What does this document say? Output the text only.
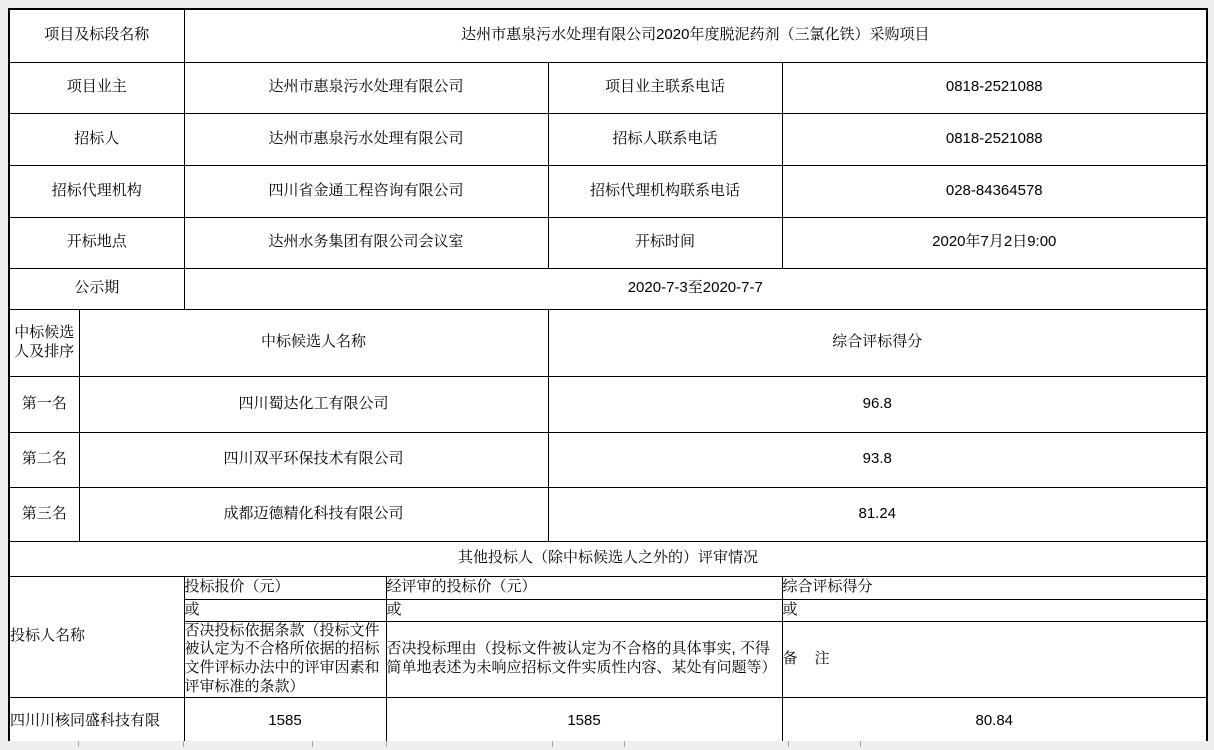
项目及标段名称		达州市惠泉污水处理有限公司2020年度脱泥药剂（三氯化铁）采购项目			
项目业主		达州市惠泉污水处理有限公司		项目业主联系电话	0818-2521088
招标人		达州市惠泉污水处理有限公司		招标人联系电话	0818-2521088
招标代理机构		四川省金通工程咨询有限公司		招标代理机构联系电话	028-84364578
开标地点		达州水务集团有限公司会议室		开标时间	2020年7月2日9:00
公示期		2020-7-3至2020-7-7			
中标候选人及排序	中标候选人名称			综合评标得分	
第一名	四川蜀达化工有限公司			96.8	
第二名	四川双平环保技术有限公司			93.8	
第三名	成都迈德精化科技有限公司			81.24	
其他投标人（除中标候选人之外的）评审情况					
投标人名称		投标报价（元）	经评审的投标价（元）		综合评标得分
		或	或		或
		否决投标依据条款（投标文件被认定为不合格所依据的招标文件评标办法中的评审因素和评审标准的条款）	否决投标理由（投标文件被认定为不合格的具体事实, 不得简单地表述为未响应招标文件实质性内容、某处有问题等）		备　注
四川川核同盛科技有限		1585	1585		80.84
